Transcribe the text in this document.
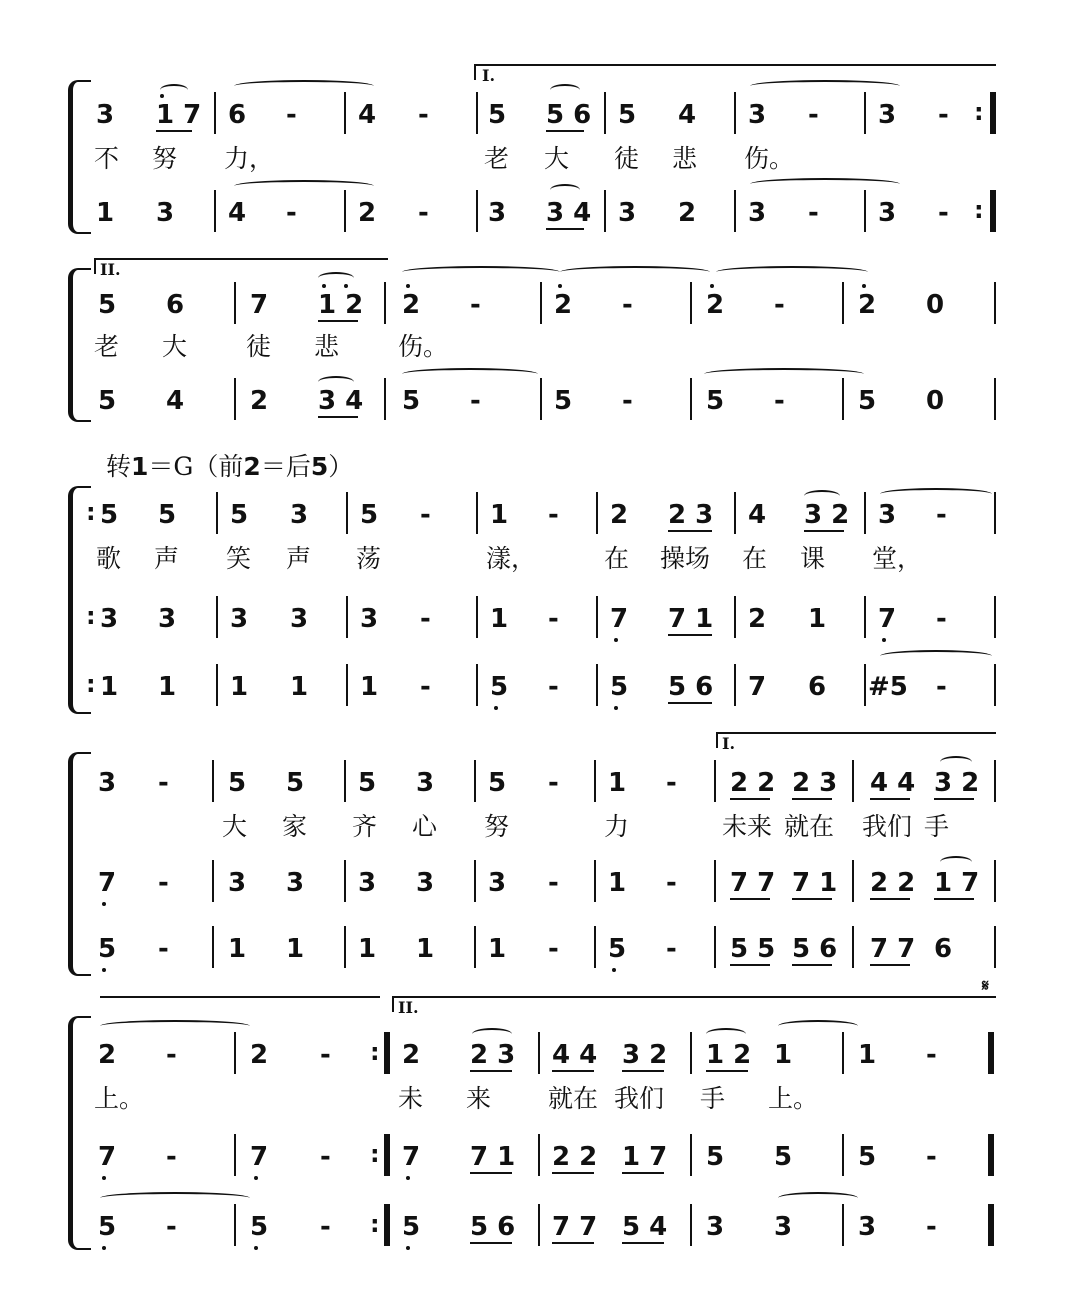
I.
3 1 7 6 - 4 - 5 5 6 5 4 3 - 3 - :
不 努 力，	老 大 徒 悲 伤。
1 3 4 - 2 - 3 3 4 3 2 3 - 3 - :
II.
5 6	7 1 2 2 -	2 -	2 -	2 0
老 大 徒 悲 伤。
5 4	2 3 4 5 -	5 -	5 -	5 0
转1＝G（前2＝后5）
: 5 5 5 3 5 - 1 - 2 2 3 4 3 2 3 -
歌 声 笑 声 荡	漾，	在 操场 在 课 堂，
: 3 3 3 3 3 - 1 - 7 7 1 2 1 7 -
: 1 1 1 1 1 - 5 - 5 5 6 7 6 #5 -
I.
3 - 5 5 5 3 5 - 1 - 2 2 2 3 4 4 3 2
大 家 齐 心 努	力	未来 就在 我们 手
7 - 3 3 3 3 3 - 1 - 7 7 7 1 2 2 1 7
5 - 1 1 1 1 1 - 5 - 5 5 5 6 7 7 6
II.
𝄋
2 -	2 - : 2 2 3 4 4 3 2 1 2 1	1 -
上。	未 来 就在 我们 手 上。
7 -	7 - : 7 7 1 2 2 1 7 5 5	5 -
5 -	5 - : 5 5 6 7 7 5 4 3 3	3 -
